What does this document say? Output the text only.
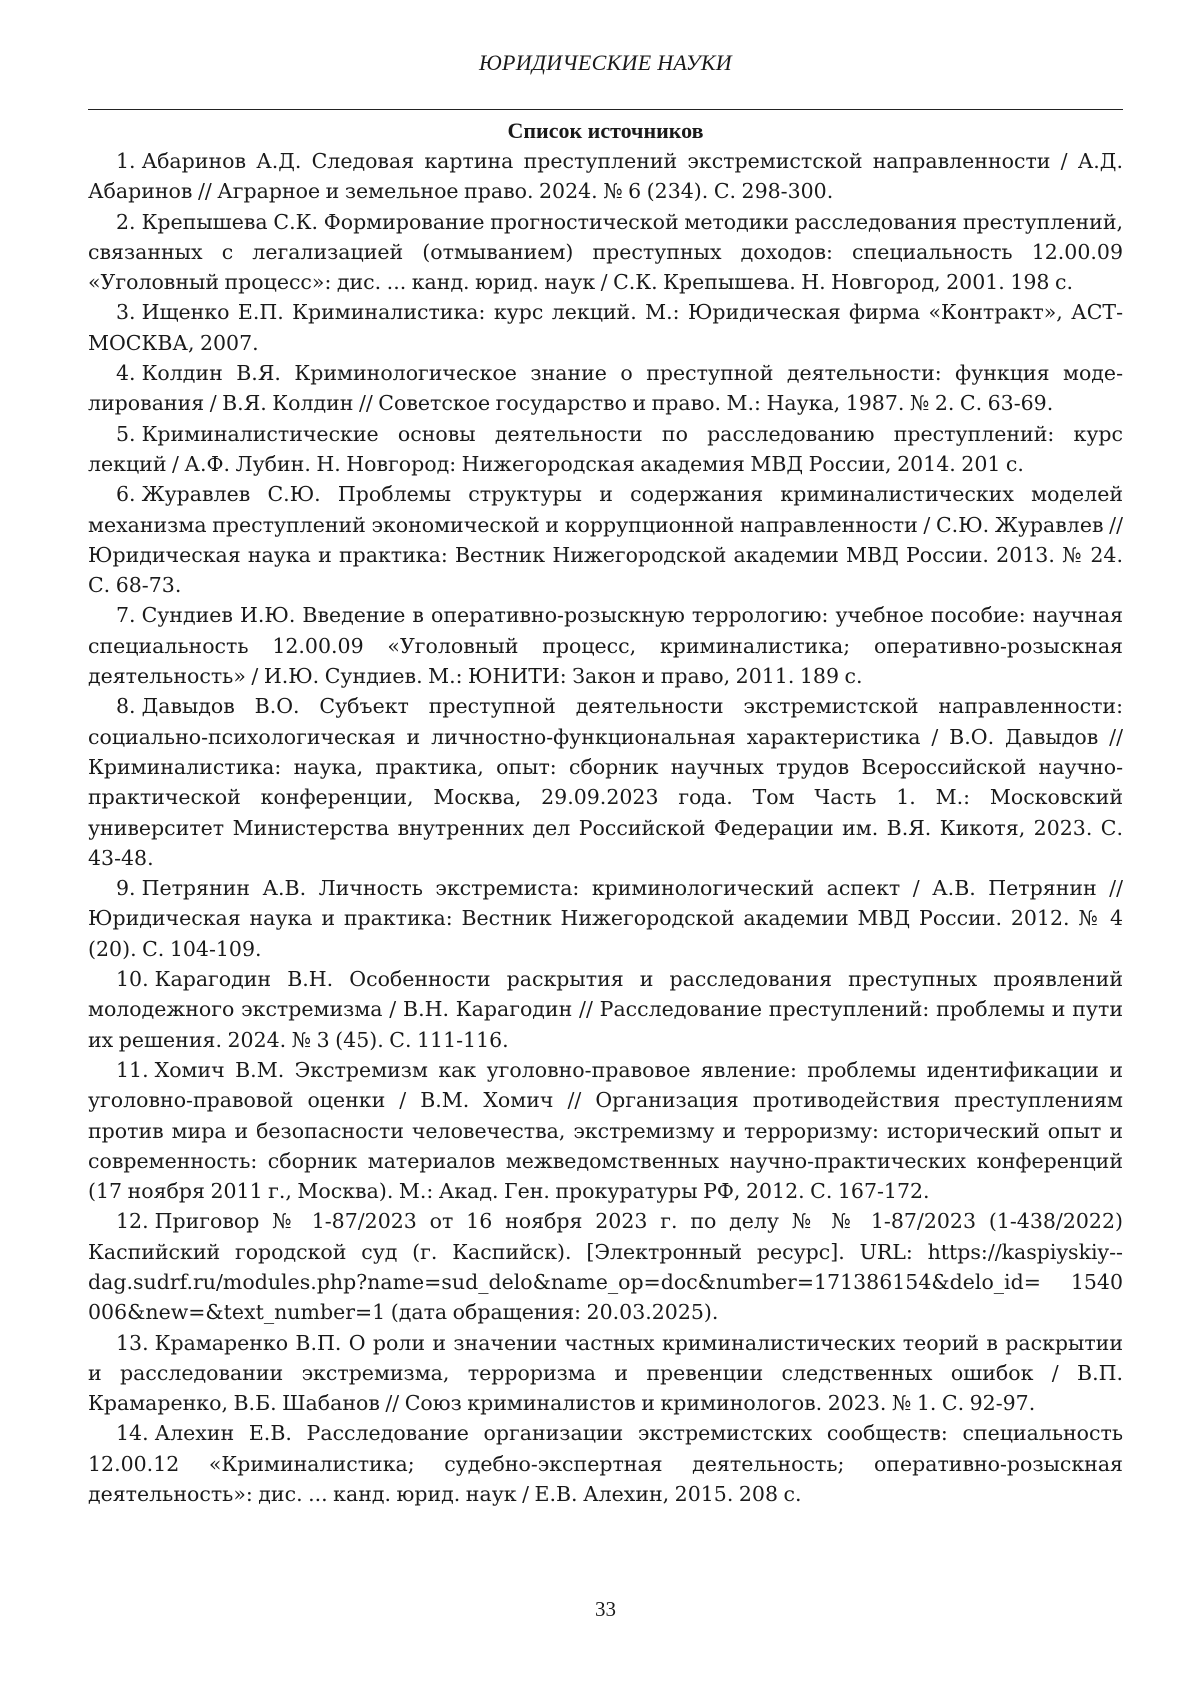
ЮРИДИЧЕСКИЕ НАУКИ
Список источников
1. Абаринов А.Д. Следовая картина преступлений экстремистской направленности / А.Д. Абаринов // Аграрное и земельное право. 2024. № 6 (234). С. 298-300.
2. Крепышева С.К. Формирование прогностической методики расследования преступлений, связанных с легализацией (отмыванием) преступных доходов: специальность 12.00.09 «Уголовный процесс»: дис. ... канд. юрид. наук / С.К. Крепышева. Н. Новгород, 2001. 198 с.
3. Ищенко Е.П. Криминалистика: курс лекций. М.: Юридическая фирма «Контракт», АСТ-МОСКВА, 2007.
4. Колдин В.Я. Криминологическое знание о преступной деятельности: функция моделирования / В.Я. Колдин // Советское государство и право. М.: Наука, 1987. № 2. С. 63-69.
5. Криминалистические основы деятельности по расследованию преступлений: курс лекций / А.Ф. Лубин. Н. Новгород: Нижегородская академия МВД России, 2014. 201 с.
6. Журавлев С.Ю. Проблемы структуры и содержания криминалистических моделей механизма преступлений экономической и коррупционной направленности / С.Ю. Журавлев // Юридическая наука и практика: Вестник Нижегородской академии МВД России. 2013. № 24. С. 68-73.
7. Сундиев И.Ю. Введение в оперативно-розыскную террологию: учебное пособие: научная специальность 12.00.09 «Уголовный процесс, криминалистика; оперативно-розыскная деятельность» / И.Ю. Сундиев. М.: ЮНИТИ: Закон и право, 2011. 189 с.
8. Давыдов В.О. Субъект преступной деятельности экстремистской направленности: социально-психологическая и личностно-функциональная характеристика / В.О. Давыдов // Криминалистика: наука, практика, опыт: сборник научных трудов Всероссийской научно-практической конференции, Москва, 29.09.2023 года. Том Часть 1. М.: Московский университет Министерства внутренних дел Российской Федерации им. В.Я. Кикотя, 2023. С. 43-48.
9. Петрянин А.В. Личность экстремиста: криминологический аспект / А.В. Петрянин // Юридическая наука и практика: Вестник Нижегородской академии МВД России. 2012. № 4 (20). С. 104-109.
10. Карагодин В.Н. Особенности раскрытия и расследования преступных проявлений молодежного экстремизма / В.Н. Карагодин // Расследование преступлений: проблемы и пути их решения. 2024. № 3 (45). С. 111-116.
11. Хомич В.М. Экстремизм как уголовно-правовое явление: проблемы идентификации и уголовно-правовой оценки / В.М. Хомич // Организация противодействия преступлениям против мира и безопасности человечества, экстремизму и терроризму: исторический опыт и современность: сборник материалов межведомственных научно-практических конференций (17 ноября 2011 г., Москва). М.: Акад. Ген. прокуратуры РФ, 2012. С. 167-172.
12. Приговор № 1-87/2023 от 16 ноября 2023 г. по делу № № 1-87/2023 (1-438/2022) Каспийский городской суд (г. Каспийск). [Электронный ресурс]. URL: https://kaspiyskiy--dag.sudrf.ru/modules.php?name=sud_delo&name_op=doc&number=171386154&delo_id= 1540 006&new=&text_number=1 (дата обращения: 20.03.2025).
13. Крамаренко В.П. О роли и значении частных криминалистических теорий в раскрытии и расследовании экстремизма, терроризма и превенции следственных ошибок / В.П. Крамаренко, В.Б. Шабанов // Союз криминалистов и криминологов. 2023. № 1. С. 92-97.
14. Алехин Е.В. Расследование организации экстремистских сообществ: специальность 12.00.12 «Криминалистика; судебно-экспертная деятельность; оперативно-розыскная деятельность»: дис. ... канд. юрид. наук / Е.В. Алехин, 2015. 208 с.
33
